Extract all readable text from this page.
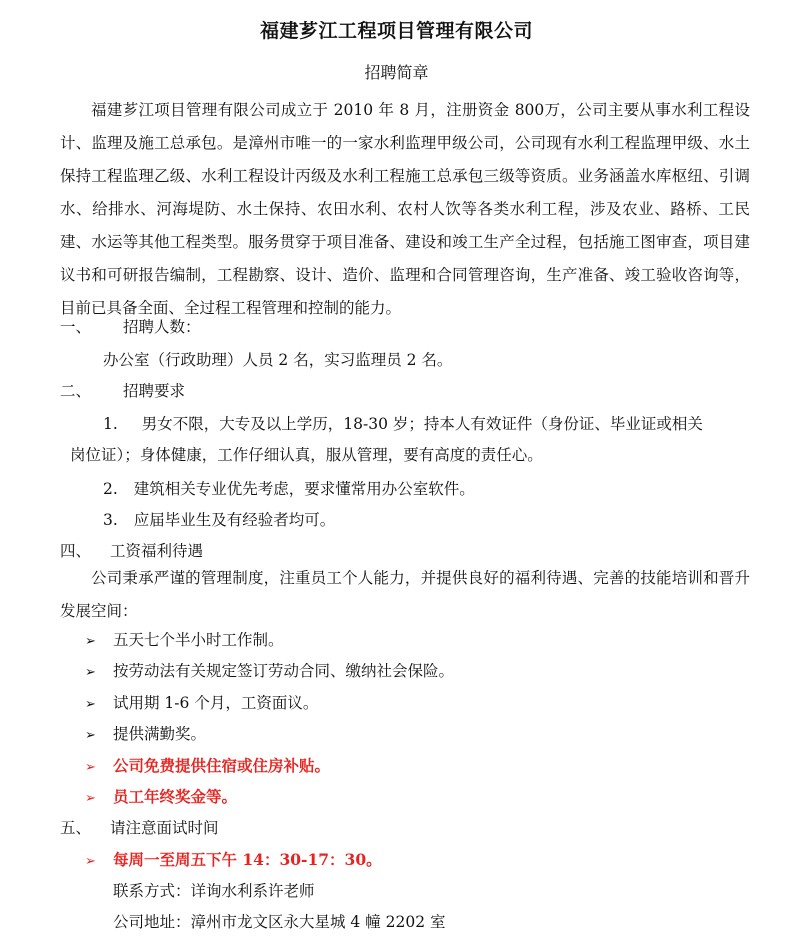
福建芗江工程项目管理有限公司
招聘简章
福建芗江项目管理有限公司成立于 2010 年 8 月，注册资金 800万，公司主要从事水利工程设计、监理及施工总承包。是漳州市唯一的一家水利监理甲级公司，公司现有水利工程监理甲级、水土保持工程监理乙级、水利工程设计丙级及水利工程施工总承包三级等资质。业务涵盖水库枢纽、引调水、给排水、河海堤防、水土保持、农田水利、农村人饮等各类水利工程，涉及农业、路桥、工民建、水运等其他工程类型。服务贯穿于项目准备、建设和竣工生产全过程，包括施工图审查，项目建议书和可研报告编制，工程勘察、设计、造价、监理和合同管理咨询，生产准备、竣工验收咨询等，目前已具备全面、全过程工程管理和控制的能力。
一、 招聘人数：
办公室（行政助理）人员 2 名，实习监理员 2 名。
二、 招聘要求
1. 男女不限，大专及以上学历，18-30 岁；持本人有效证件（身份证、毕业证或相关
岗位证）；身体健康，工作仔细认真，服从管理，要有高度的责任心。
2. 建筑相关专业优先考虑，要求懂常用办公室软件。
3. 应届毕业生及有经验者均可。
四、 工资福利待遇
公司秉承严谨的管理制度，注重员工个人能力，并提供良好的福利待遇、完善的技能培训和晋升发展空间：
➢ 五天七个半小时工作制。
➢ 按劳动法有关规定签订劳动合同、缴纳社会保险。
➢ 试用期 1-6 个月，工资面议。
➢ 提供满勤奖。
➢ 公司免费提供住宿或住房补贴。
➢ 员工年终奖金等。
五、 请注意面试时间
➢ 每周一至周五下午 14：30-17：30。
联系方式：详询水利系许老师
公司地址：漳州市龙文区永大星城 4 幢 2202 室
